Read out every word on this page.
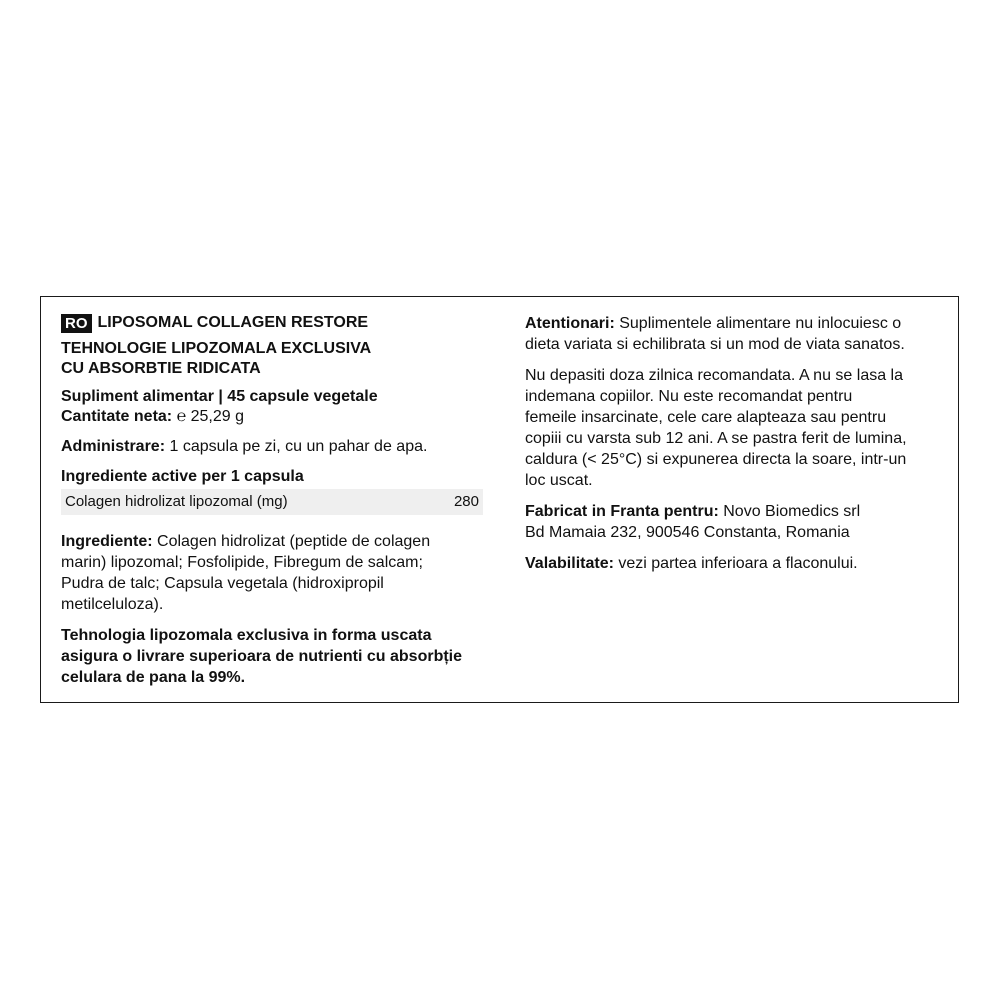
RO LIPOSOMAL COLLAGEN RESTORE
TEHNOLOGIE LIPOZOMALA EXCLUSIVA
CU ABSORBTIE RIDICATA
Supliment alimentar | 45 capsule vegetale
Cantitate neta: ℮ 25,29 g
Administrare: 1 capsula pe zi, cu un pahar de apa.
Ingrediente active per 1 capsula
Colagen hidrolizat lipozomal (mg)	280
Ingrediente: Colagen hidrolizat (peptide de colagen
marin) lipozomal; Fosfolipide, Fibregum de salcam;
Pudra de talc; Capsula vegetala (hidroxipropil
metilceluloza).
Tehnologia lipozomala exclusiva in forma uscata
asigura o livrare superioara de nutrienti cu absorbție
celulara de pana la 99%.
Atentionari: Suplimentele alimentare nu inlocuiesc o
dieta variata si echilibrata si un mod de viata sanatos.
Nu depasiti doza zilnica recomandata. A nu se lasa la
indemana copiilor. Nu este recomandat pentru
femeile insarcinate, cele care alapteaza sau pentru
copiii cu varsta sub 12 ani. A se pastra ferit de lumina,
caldura (< 25°C) si expunerea directa la soare, intr-un
loc uscat.
Fabricat in Franta pentru: Novo Biomedics srl
Bd Mamaia 232, 900546 Constanta, Romania
Valabilitate: vezi partea inferioara a flaconului.
